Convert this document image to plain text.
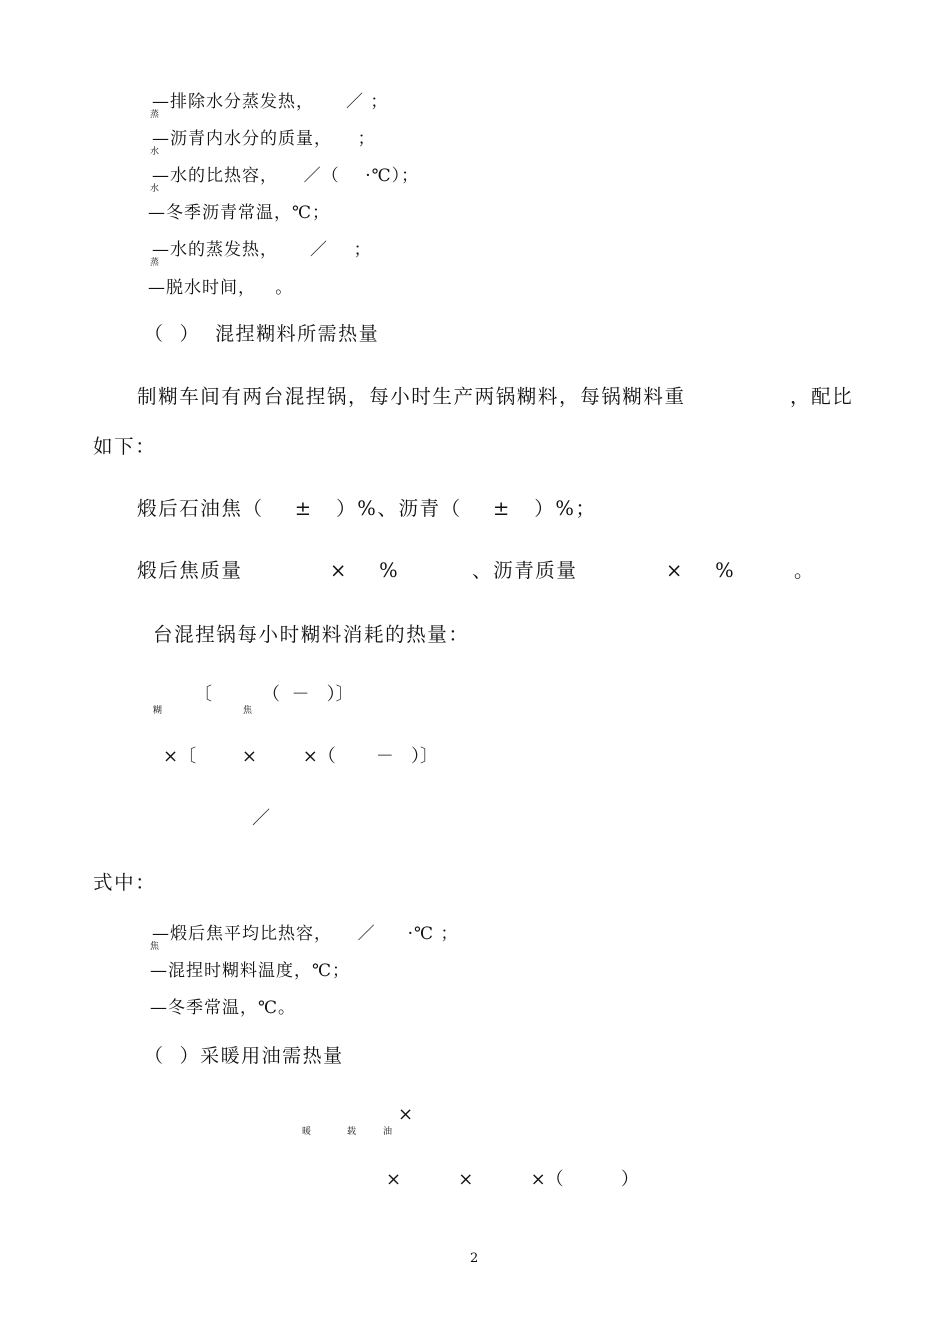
蒸
—排除水分蒸发热，     ／ ；
水
—沥青内水分的质量，    ；
水
—水的比热容，    ／（    ·℃）；
—冬季沥青常温，℃；
蒸
—水的蒸发热，     ／    ；
—脱水时间，   。
（  ）  混捏糊料所需热量
制糊车间有两台混捏锅，每小时生产两锅糊料，每锅糊料重	，配比
如下：
煅后石油焦（    ±   ）%、沥青（    ±   ）%；
煅后焦质量	×    %	、沥青质量	×    %	。
台混捏锅每小时糊料消耗的热量：
糊
〔
焦
（  －   ）〕
×〔        ×        ×（       －   ）〕
／
式中：
焦
—煅后焦平均比热容，    ／     ·℃ ；
—混捏时糊料温度，℃；
—冬季常温，℃。
（  ）采暖用油需热量
暖	载	油
×
×          ×          ×（          ）
2
